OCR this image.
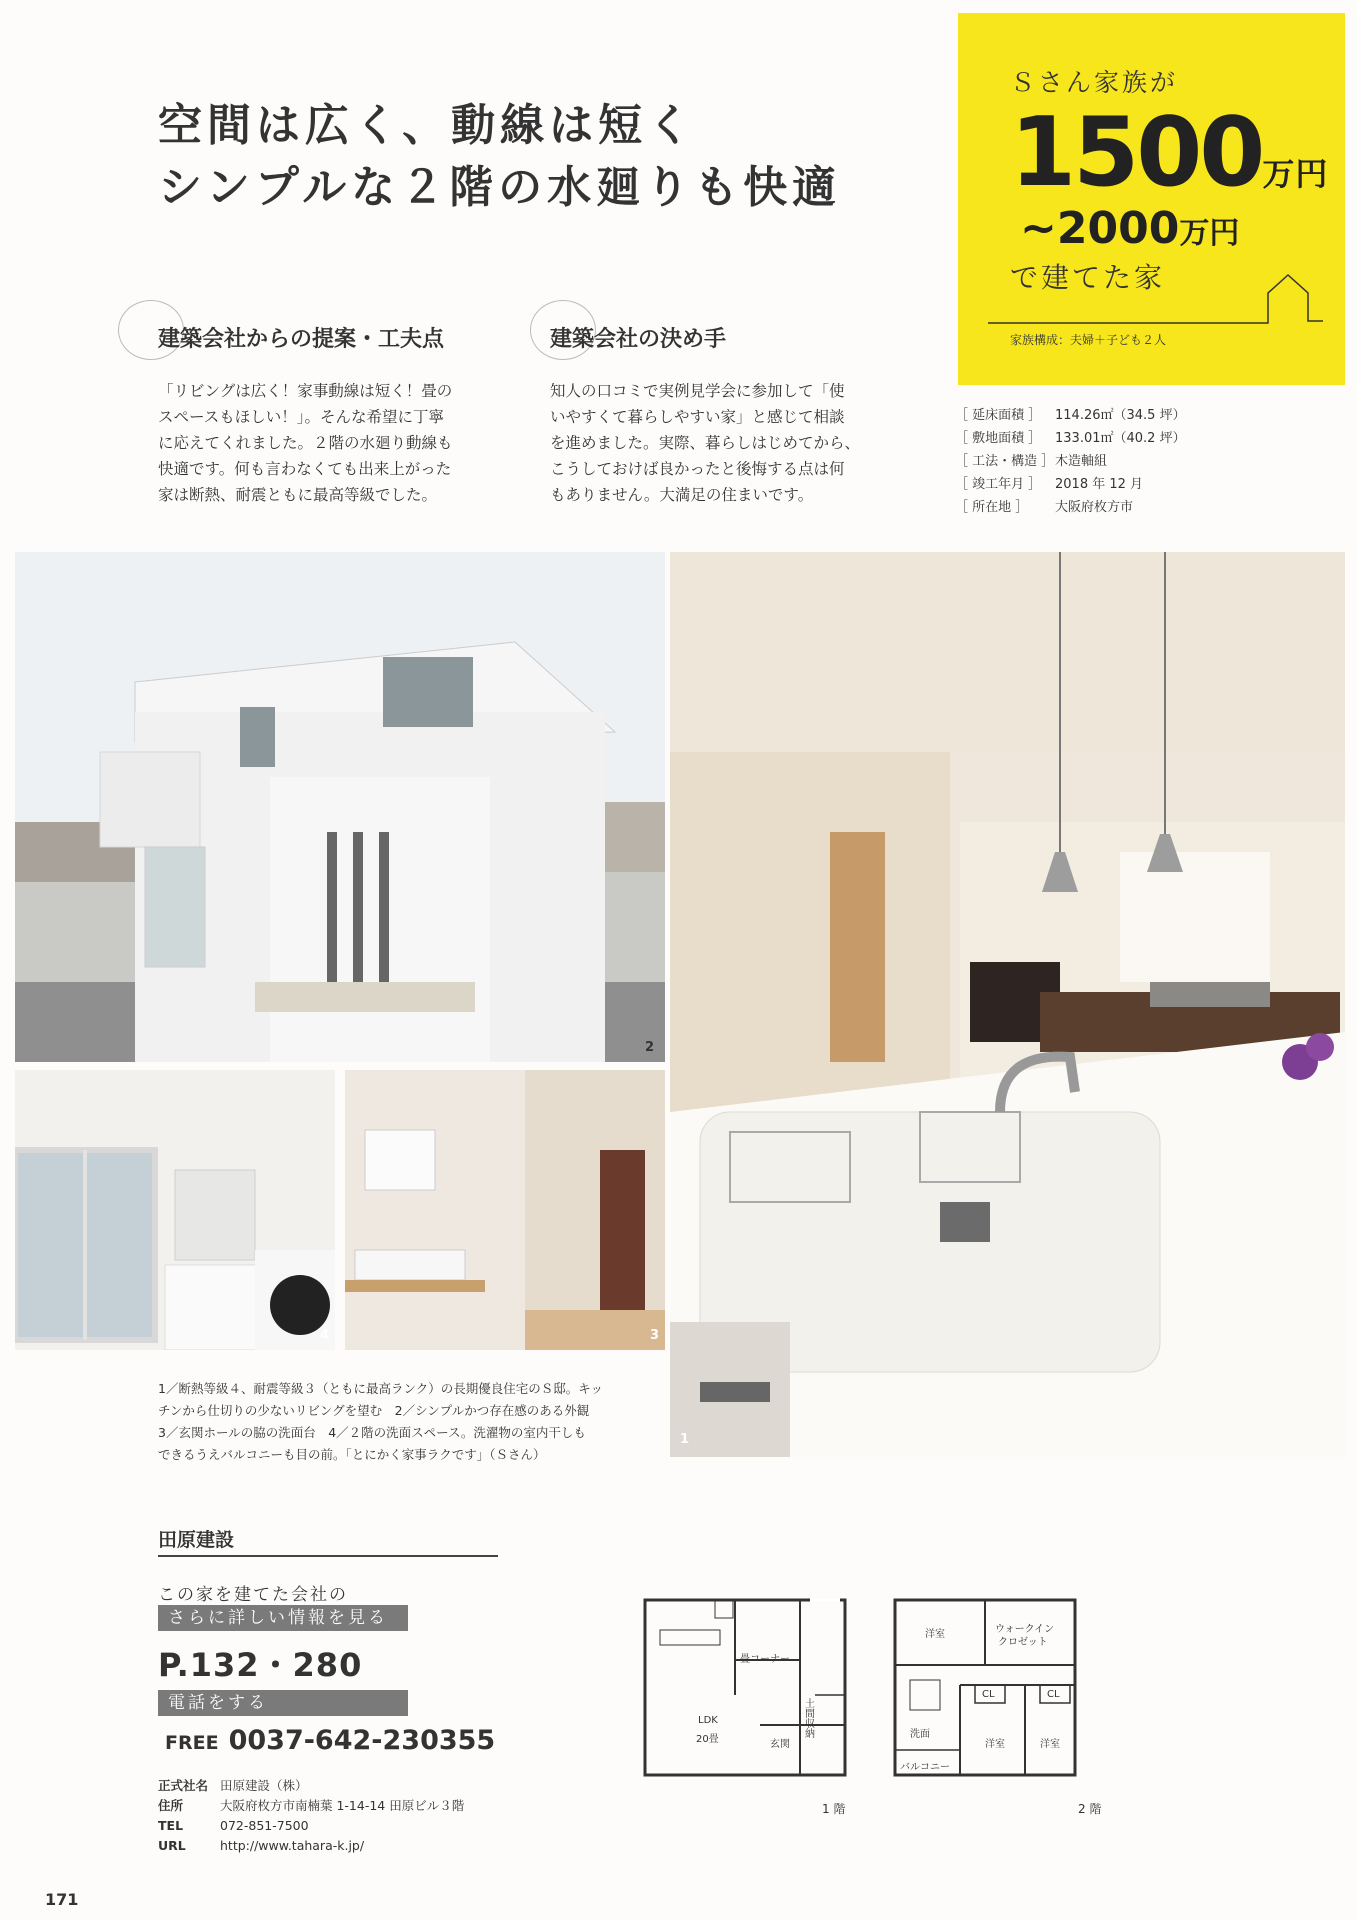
空間は広く、動線は短く
シンプルな２階の水廻りも快適
Ｓさん家族が
1500万円
~2000万円
で建てた家
家族構成：夫婦＋子ども２人
建築会社からの提案・工夫点
「リビングは広く！家事動線は短く！畳の
スペースもほしい！」。そんな希望に丁寧
に応えてくれました。２階の水廻り動線も
快適です。何も言わなくても出来上がった
家は断熱、耐震ともに最高等級でした。
建築会社の決め手
知人の口コミで実例見学会に参加して「使
いやすくて暮らしやすい家」と感じて相談
を進めました。実際、暮らしはじめてから、
こうしておけば良かったと後悔する点は何
もありません。大満足の住まいです。
［ 延床面積 ］	114.26㎡（34.5 坪）
［ 敷地面積 ］	133.01㎡（40.2 坪）
［ 工法・構造 ］ 木造軸組
［ 竣工年月 ］	2018 年 12 月
［ 所在地 ］	大阪府枚方市
2
1
4	3
1／断熱等級４、耐震等級３（ともに最高ランク）の長期優良住宅のＳ邸。キッ
チンから仕切りの少ないリビングを望む　2／シンプルかつ存在感のある外観
3／玄関ホールの脇の洗面台　4／２階の洗面スペース。洗濯物の室内干しも
できるうえバルコニーも目の前。「とにかく家事ラクです」（Ｓさん）
田原建設
この家を建てた会社の
さらに詳しい情報を見る
P.132・280
電話をする
FREE 0037-642-230355
正式社名 田原建設（株）
住所	大阪府枚方市南楠葉 1-14-14 田原ビル３階
TEL	072-851-7500
URL	http://www.tahara-k.jp/
畳コーナー
LDK
20畳	玄関
土間収納
1 階
洋室	ウォークイン
クロゼット
CL	CL
洗面
洋室	洋室
バルコニー
2 階
171
